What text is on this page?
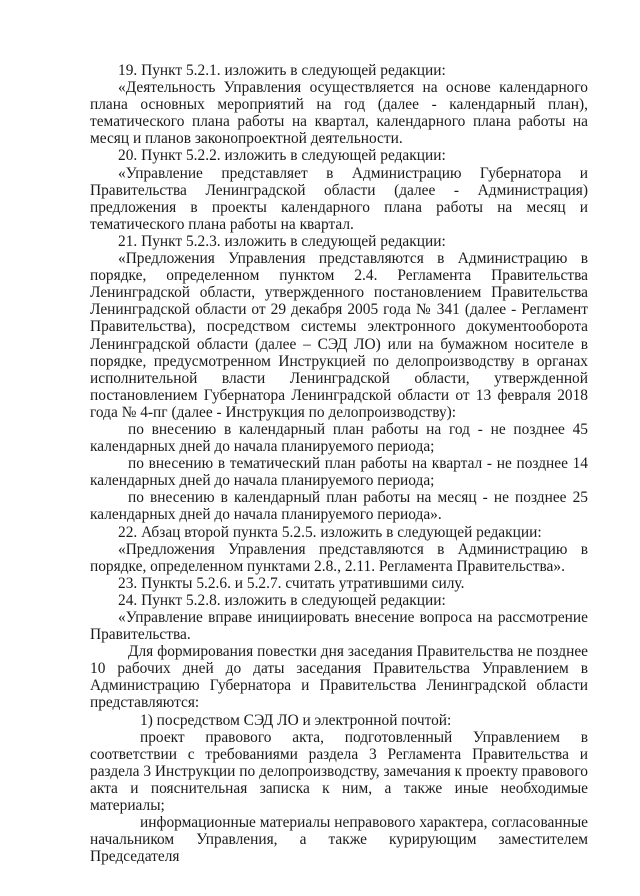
19. Пункт 5.2.1. изложить в следующей редакции:

«Деятельность Управления осуществляется на основе календарного плана основных мероприятий на год (далее - календарный план), тематического плана работы на квартал, календарного плана работы на месяц и планов законопроектной деятельности.

20. Пункт 5.2.2. изложить в следующей редакции:

«Управление представляет в Администрацию Губернатора и Правительства Ленинградской области (далее - Администрация) предложения в проекты календарного плана работы на месяц и тематического плана работы на квартал.

21. Пункт 5.2.3. изложить в следующей редакции:

«Предложения Управления представляются в Администрацию в порядке, определенном пунктом 2.4. Регламента Правительства Ленинградской области, утвержденного постановлением Правительства Ленинградской области от 29 декабря 2005 года № 341 (далее - Регламент Правительства), посредством системы электронного документооборота Ленинградской области (далее – СЭД ЛО) или на бумажном носителе в порядке, предусмотренном Инструкцией по делопроизводству в органах исполнительной власти Ленинградской области, утвержденной постановлением Губернатора Ленинградской области от 13 февраля 2018 года № 4-пг (далее - Инструкция по делопроизводству):

по внесению в календарный план работы на год - не позднее 45 календарных дней до начала планируемого периода;

по внесению в тематический план работы на квартал - не позднее 14 календарных дней до начала планируемого периода;

по внесению в календарный план работы на месяц - не позднее 25 календарных дней до начала планируемого периода».

22. Абзац второй пункта 5.2.5. изложить в следующей редакции:

«Предложения Управления представляются в Администрацию в порядке, определенном пунктами 2.8., 2.11. Регламента Правительства».

23. Пункты 5.2.6. и 5.2.7. считать утратившими силу.

24. Пункт 5.2.8. изложить в следующей редакции:

«Управление вправе инициировать внесение вопроса на рассмотрение Правительства.

Для формирования повестки дня заседания Правительства не позднее 10 рабочих дней до даты заседания Правительства Управлением в Администрацию Губернатора и Правительства Ленинградской области представляются:

1) посредством СЭД ЛО и электронной почтой:

проект правового акта, подготовленный Управлением в соответствии с требованиями раздела 3 Регламента Правительства и раздела 3 Инструкции по делопроизводству, замечания к проекту правового акта и пояснительная записка к ним, а также иные необходимые материалы;

информационные материалы неправового характера, согласованные начальником Управления, а также курирующим заместителем Председателя
